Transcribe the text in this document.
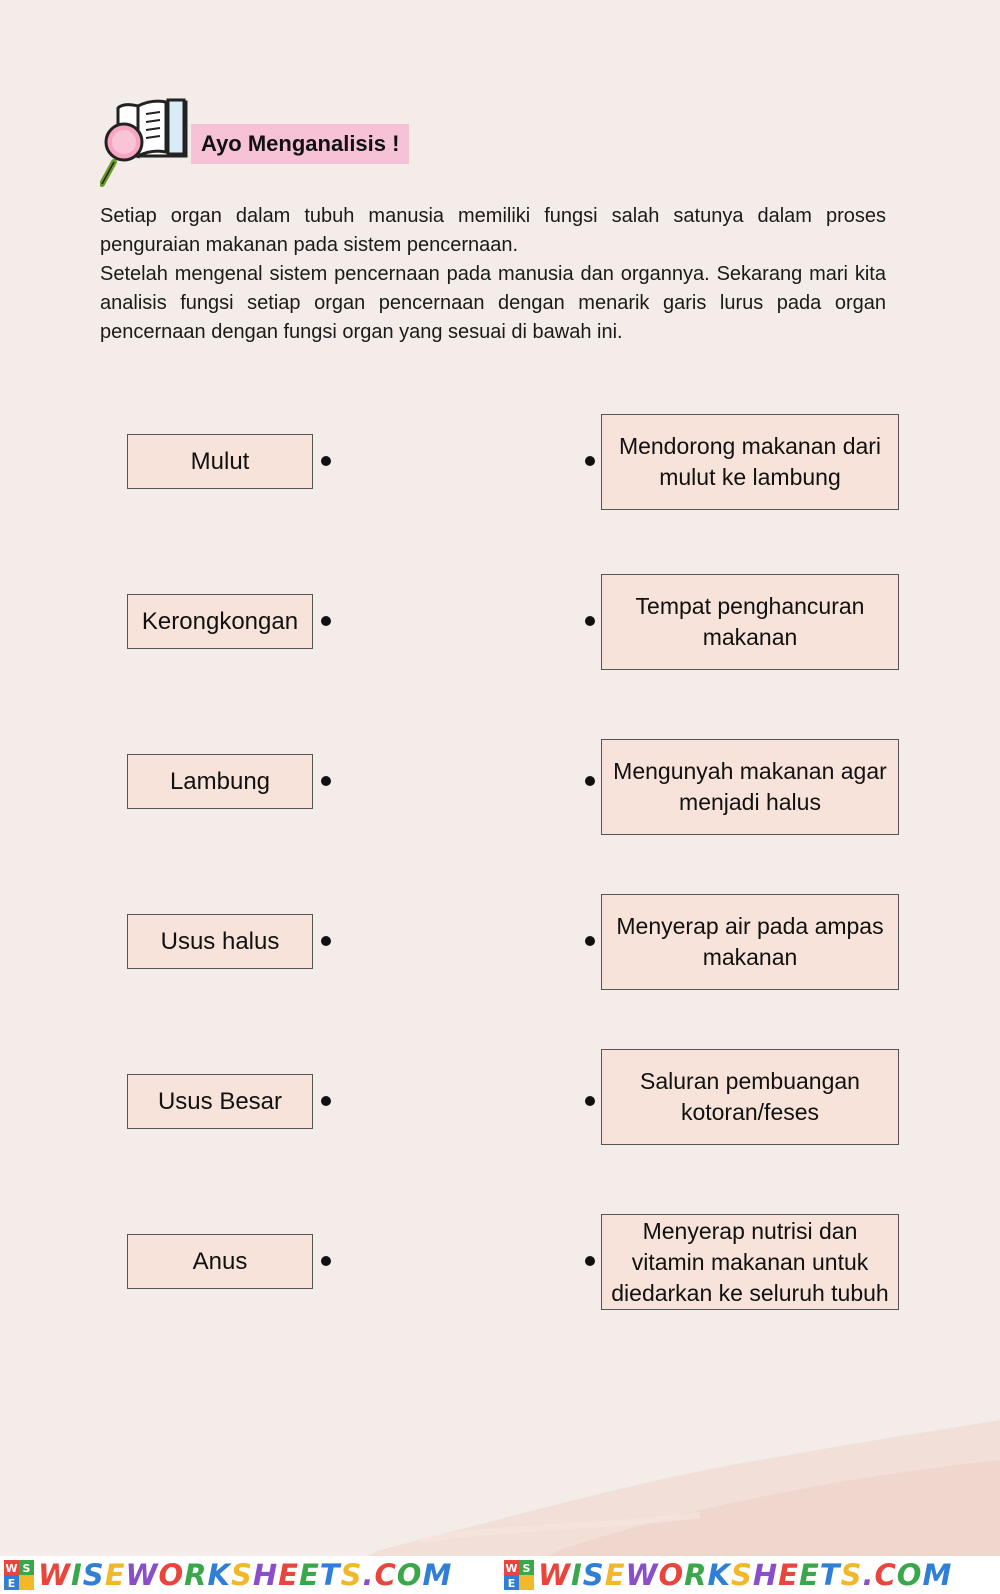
Ayo Menganalisis !

Setiap organ dalam tubuh manusia memiliki fungsi salah satunya dalam proses penguraian makanan pada sistem pencernaan.

Setelah mengenal sistem pencernaan pada manusia dan organnya. Sekarang mari kita analisis fungsi setiap organ pencernaan dengan menarik garis lurus pada organ pencernaan dengan fungsi organ yang sesuai di bawah ini.

Mulut
Kerongkongan
Lambung
Usus halus
Usus Besar
Anus
Mendorong makanan dari mulut ke lambung
Tempat penghancuran makanan
Mengunyah makanan agar menjadi halus
Menyerap air pada ampas makanan
Saluran pembuangan kotoran/feses
Menyerap nutrisi dan vitamin makanan untuk diedarkan ke seluruh tubuh
W S
E WISEWORKSHEETS.COM	W S
E WISEWORKSHEETS.COM
